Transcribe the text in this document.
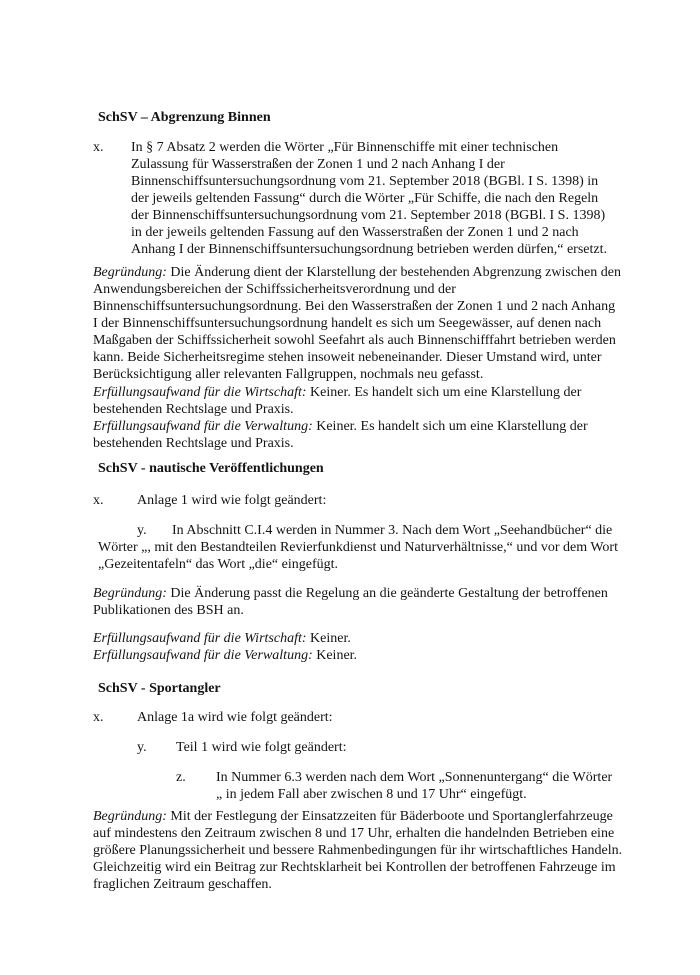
SchSV – Abgrenzung Binnen
x. In § 7 Absatz 2 werden die Wörter „Für Binnenschiffe mit einer technischen
Zulassung für Wasserstraßen der Zonen 1 und 2 nach Anhang I der
Binnenschiffsuntersuchungsordnung vom 21. September 2018 (BGBl. I S. 1398) in
der jeweils geltenden Fassung“ durch die Wörter „Für Schiffe, die nach den Regeln
der Binnenschiffsuntersuchungsordnung vom 21. September 2018 (BGBl. I S. 1398)
in der jeweils geltenden Fassung auf den Wasserstraßen der Zonen 1 und 2 nach
Anhang I der Binnenschiffsuntersuchungsordnung betrieben werden dürfen,“ ersetzt.
Begründung: Die Änderung dient der Klarstellung der bestehenden Abgrenzung zwischen den
Anwendungsbereichen der Schiffssicherheitsverordnung und der
Binnenschiffsuntersuchungsordnung. Bei den Wasserstraßen der Zonen 1 und 2 nach Anhang
I der Binnenschiffsuntersuchungsordnung handelt es sich um Seegewässer, auf denen nach
Maßgaben der Schiffssicherheit sowohl Seefahrt als auch Binnenschifffahrt betrieben werden
kann. Beide Sicherheitsregime stehen insoweit nebeneinander. Dieser Umstand wird, unter
Berücksichtigung aller relevanten Fallgruppen, nochmals neu gefasst.
Erfüllungsaufwand für die Wirtschaft: Keiner. Es handelt sich um eine Klarstellung der
bestehenden Rechtslage und Praxis.
Erfüllungsaufwand für die Verwaltung: Keiner. Es handelt sich um eine Klarstellung der
bestehenden Rechtslage und Praxis.
SchSV - nautische Veröffentlichungen
x. Anlage 1 wird wie folgt geändert:
y. In Abschnitt C.I.4 werden in Nummer 3. Nach dem Wort „Seehandbücher“ die
Wörter „, mit den Bestandteilen Revierfunkdienst und Naturverhältnisse,“ und vor dem Wort
„Gezeitentafeln“ das Wort „die“ eingefügt.
Begründung: Die Änderung passt die Regelung an die geänderte Gestaltung der betroffenen
Publikationen des BSH an.
Erfüllungsaufwand für die Wirtschaft: Keiner.
Erfüllungsaufwand für die Verwaltung: Keiner.
SchSV - Sportangler
x. Anlage 1a wird wie folgt geändert:
y. Teil 1 wird wie folgt geändert:
z. In Nummer 6.3 werden nach dem Wort „Sonnenuntergang“ die Wörter
„ in jedem Fall aber zwischen 8 und 17 Uhr“ eingefügt.
Begründung: Mit der Festlegung der Einsatzzeiten für Bäderboote und Sportanglerfahrzeuge
auf mindestens den Zeitraum zwischen 8 und 17 Uhr, erhalten die handelnden Betrieben eine
größere Planungssicherheit und bessere Rahmenbedingungen für ihr wirtschaftliches Handeln.
Gleichzeitig wird ein Beitrag zur Rechtsklarheit bei Kontrollen der betroffenen Fahrzeuge im
fraglichen Zeitraum geschaffen.
